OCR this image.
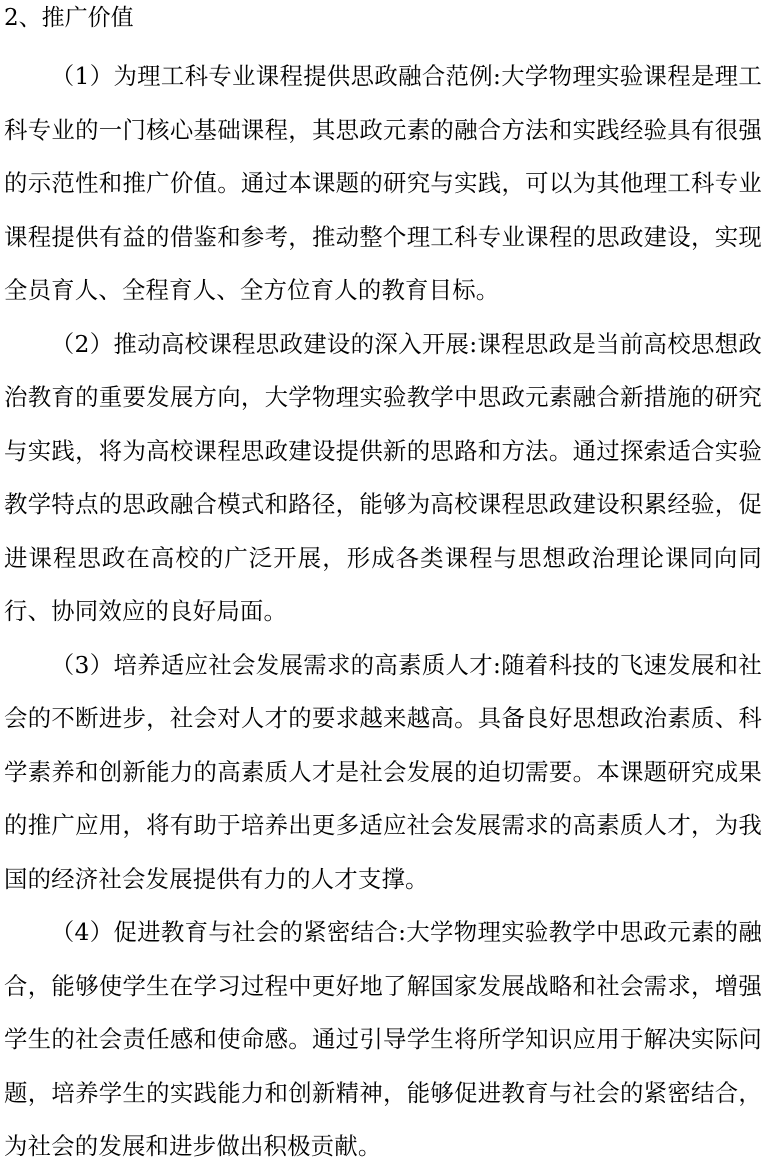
2、推广价值

（1）为理工科专业课程提供思政融合范例:大学物理实验课程是理工科专业的一门核心基础课程，其思政元素的融合方法和实践经验具有很强的示范性和推广价值。通过本课题的研究与实践，可以为其他理工科专业课程提供有益的借鉴和参考，推动整个理工科专业课程的思政建设，实现全员育人、全程育人、全方位育人的教育目标。

（2）推动高校课程思政建设的深入开展:课程思政是当前高校思想政治教育的重要发展方向，大学物理实验教学中思政元素融合新措施的研究与实践，将为高校课程思政建设提供新的思路和方法。通过探索适合实验教学特点的思政融合模式和路径，能够为高校课程思政建设积累经验，促进课程思政在高校的广泛开展，形成各类课程与思想政治理论课同向同行、协同效应的良好局面。

（3）培养适应社会发展需求的高素质人才:随着科技的飞速发展和社会的不断进步，社会对人才的要求越来越高。具备良好思想政治素质、科学素养和创新能力的高素质人才是社会发展的迫切需要。本课题研究成果的推广应用，将有助于培养出更多适应社会发展需求的高素质人才，为我国的经济社会发展提供有力的人才支撑。

（4）促进教育与社会的紧密结合:大学物理实验教学中思政元素的融合，能够使学生在学习过程中更好地了解国家发展战略和社会需求，增强学生的社会责任感和使命感。通过引导学生将所学知识应用于解决实际问题，培养学生的实践能力和创新精神，能够促进教育与社会的紧密结合，为社会的发展和进步做出积极贡献。
